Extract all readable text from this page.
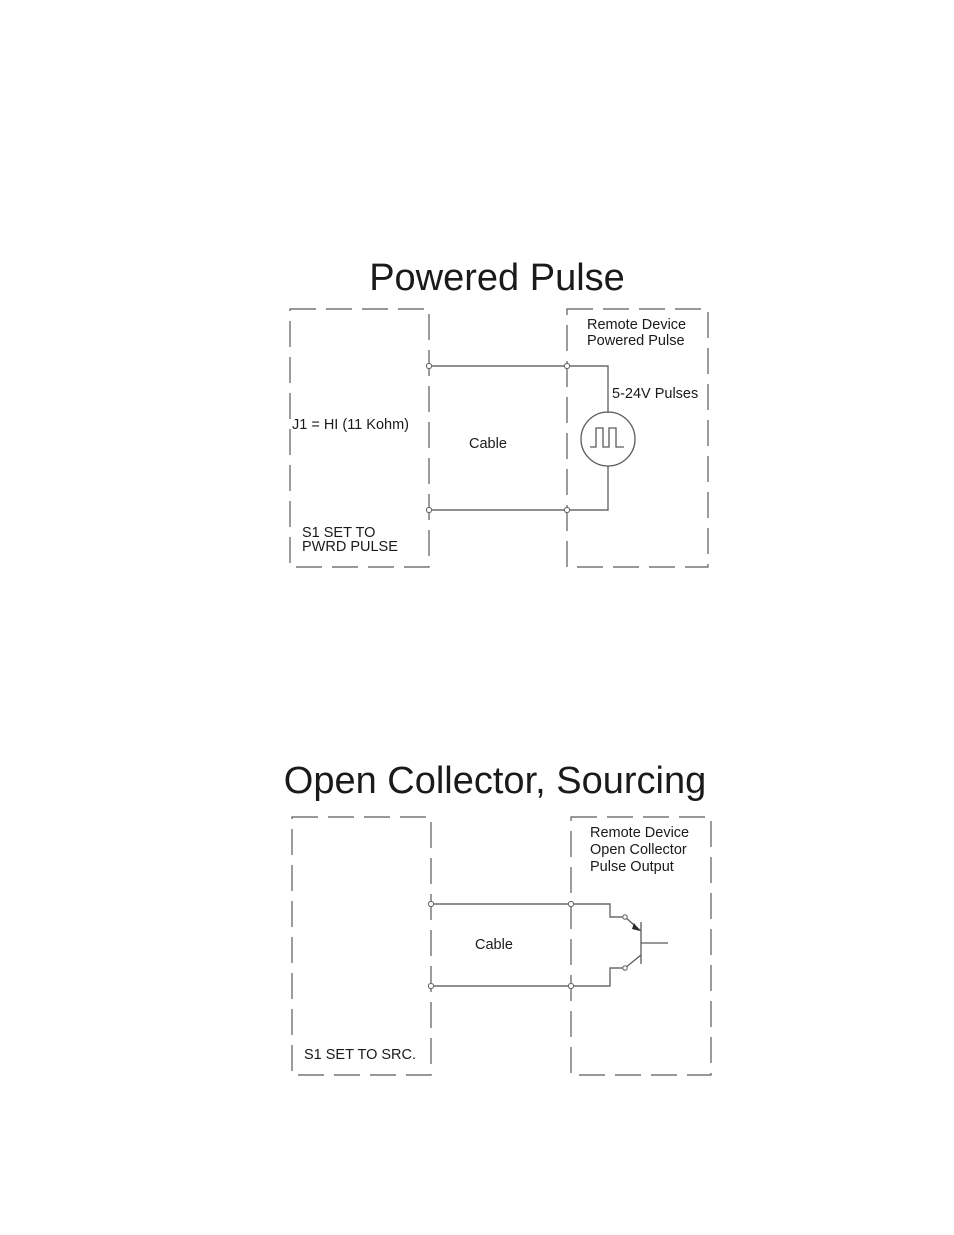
Powered Pulse
J1 = HI (11 Kohm)
S1 SET TO
PWRD PULSE
Remote Device
Powered Pulse
Cable
5-24V Pulses
Open Collector, Sourcing
S1 SET TO SRC.
Remote Device
Open Collector
Pulse Output
Cable
